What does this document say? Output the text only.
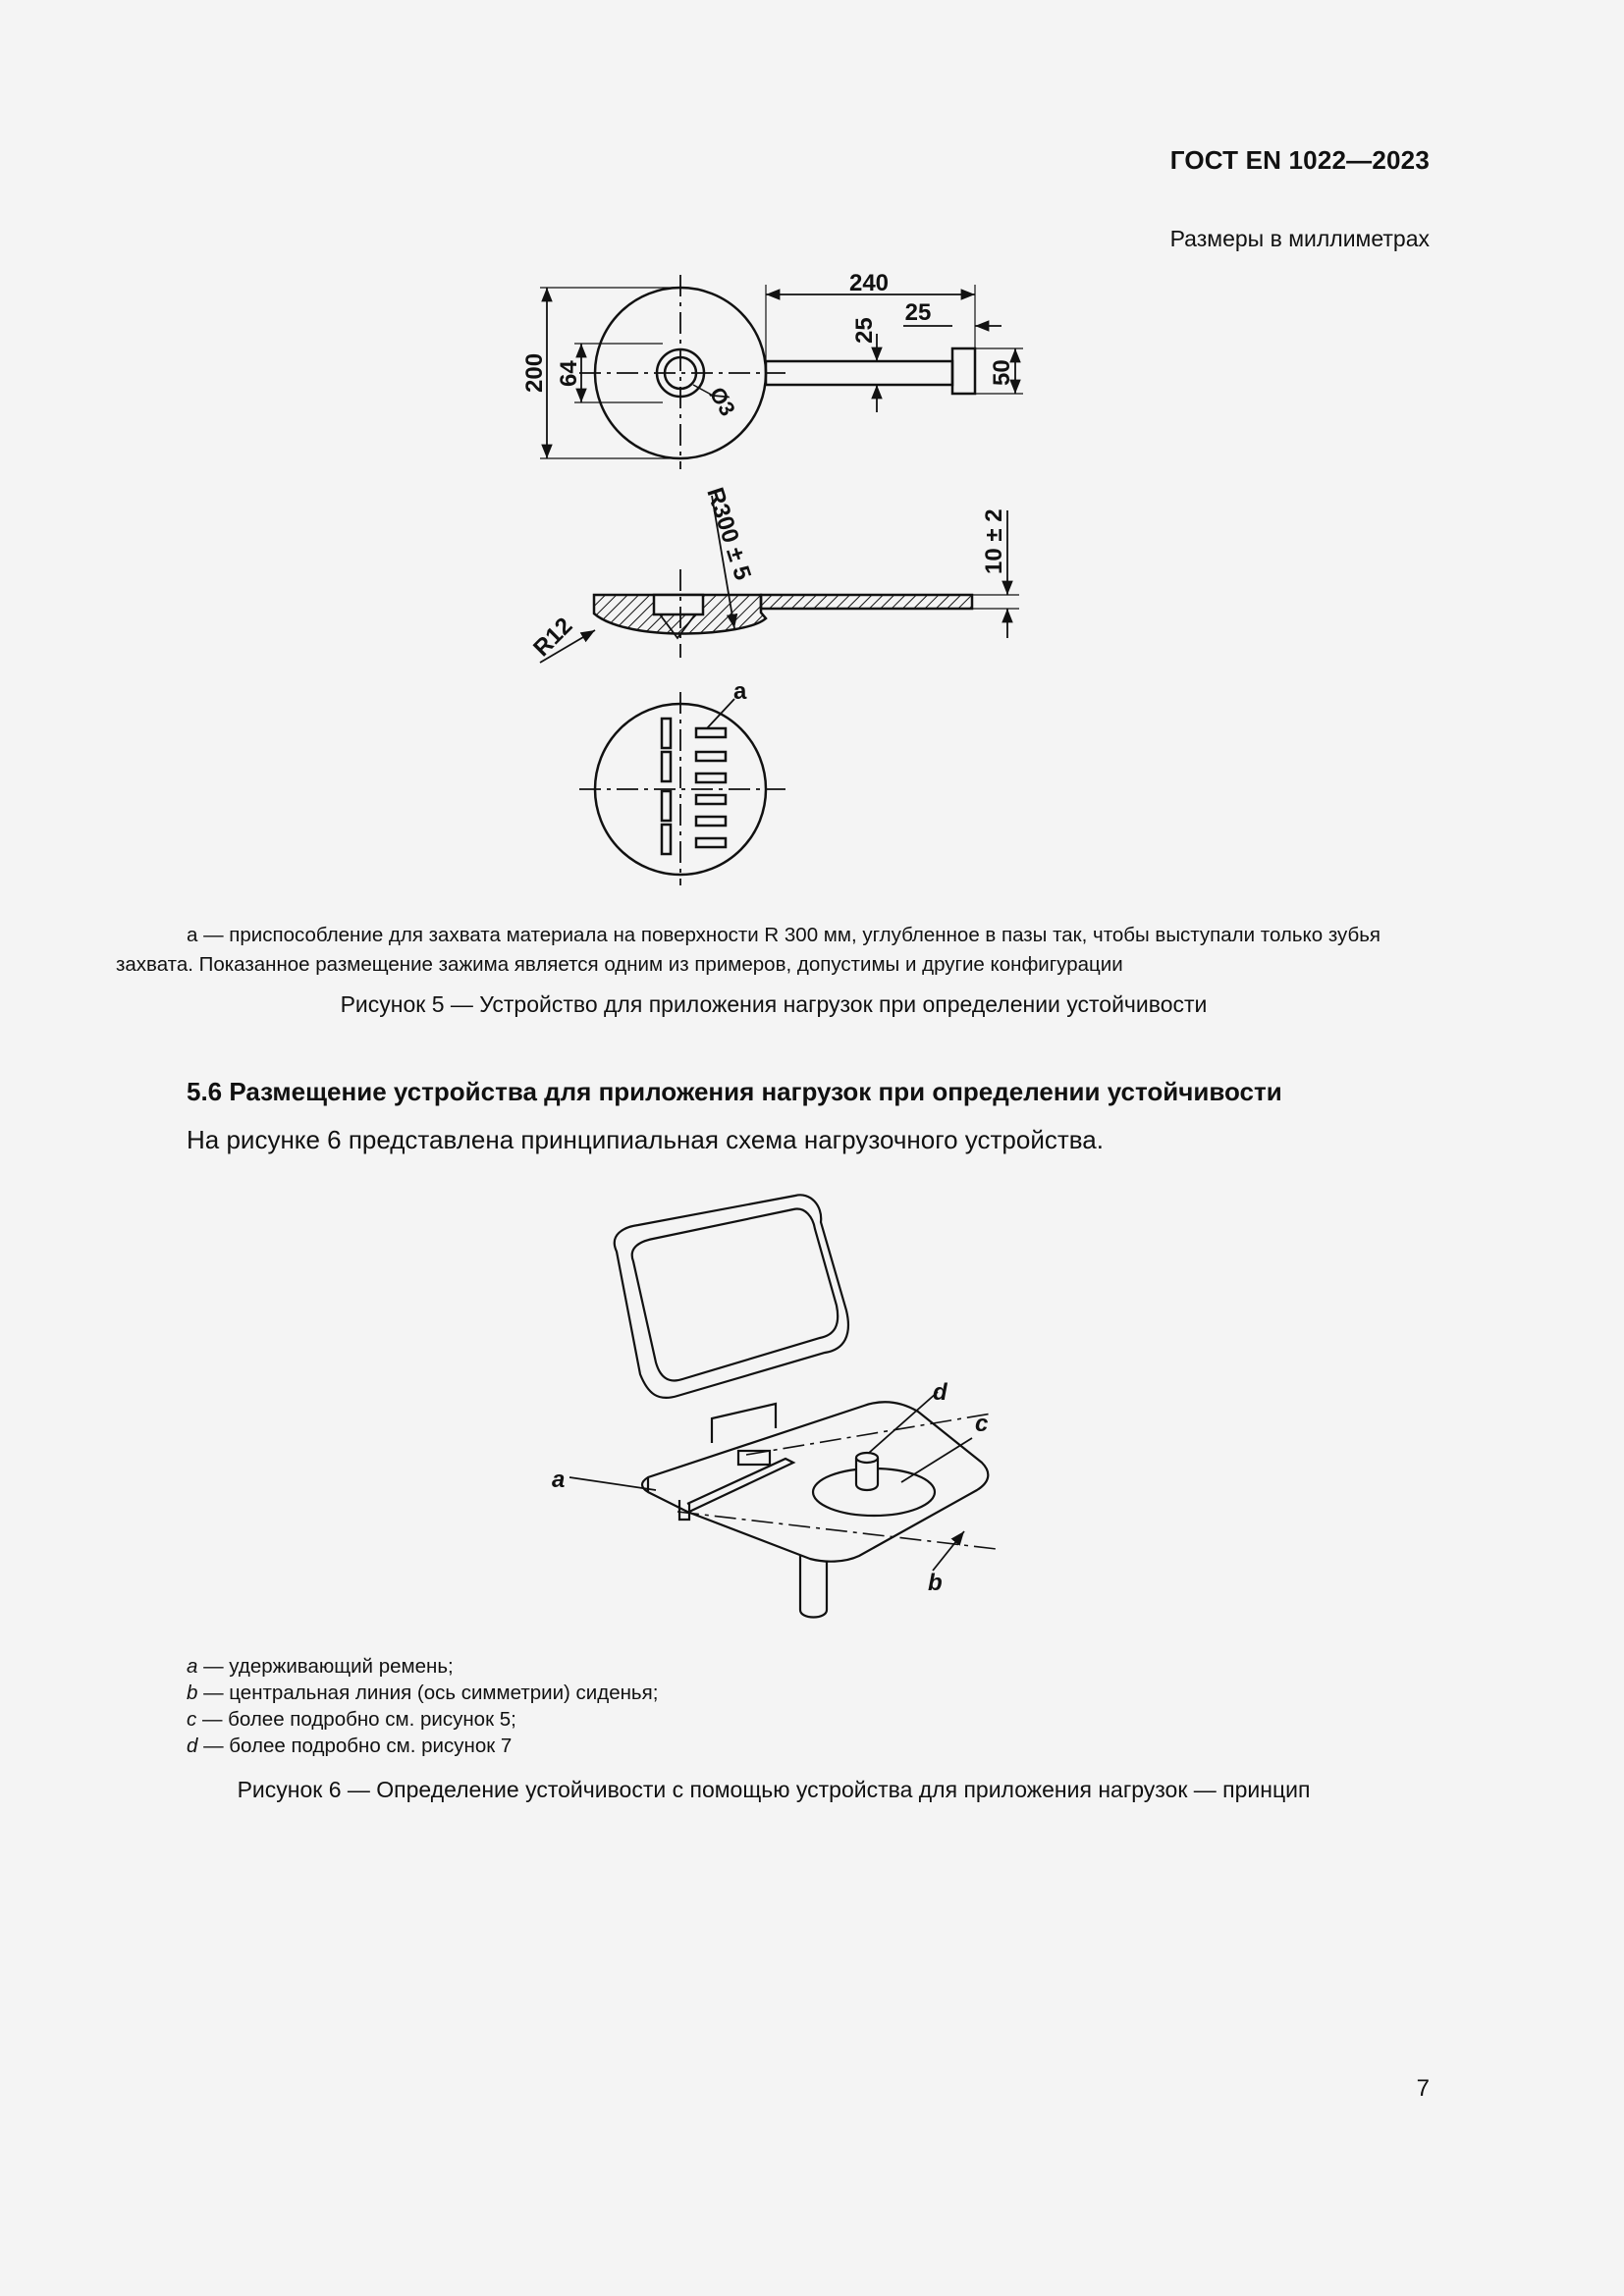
ГОСТ EN 1022—2023
Размеры в миллиметрах
240
25
25
200 64	50
Ø3
R300 ± 5	10 ± 2
R12
a
a — приспособление для захвата материала на поверхности R 300 мм, углубленное в пазы так, чтобы выступали только зубья захвата. Показанное размещение зажима является одним из примеров, допустимы и другие конфигурации
Рисунок 5 — Устройство для приложения нагрузок при определении устойчивости
5.6 Размещение устройства для приложения нагрузок при определении устойчивости
На рисунке 6 представлена принципиальная схема нагрузочного устройства.
a
b
c
d
a — удерживающий ремень;
b — центральная линия (ось симметрии) сиденья;
c — более подробно см. рисунок 5;
d — более подробно см. рисунок 7
Рисунок 6 — Определение устойчивости с помощью устройства для приложения нагрузок — принцип
7
